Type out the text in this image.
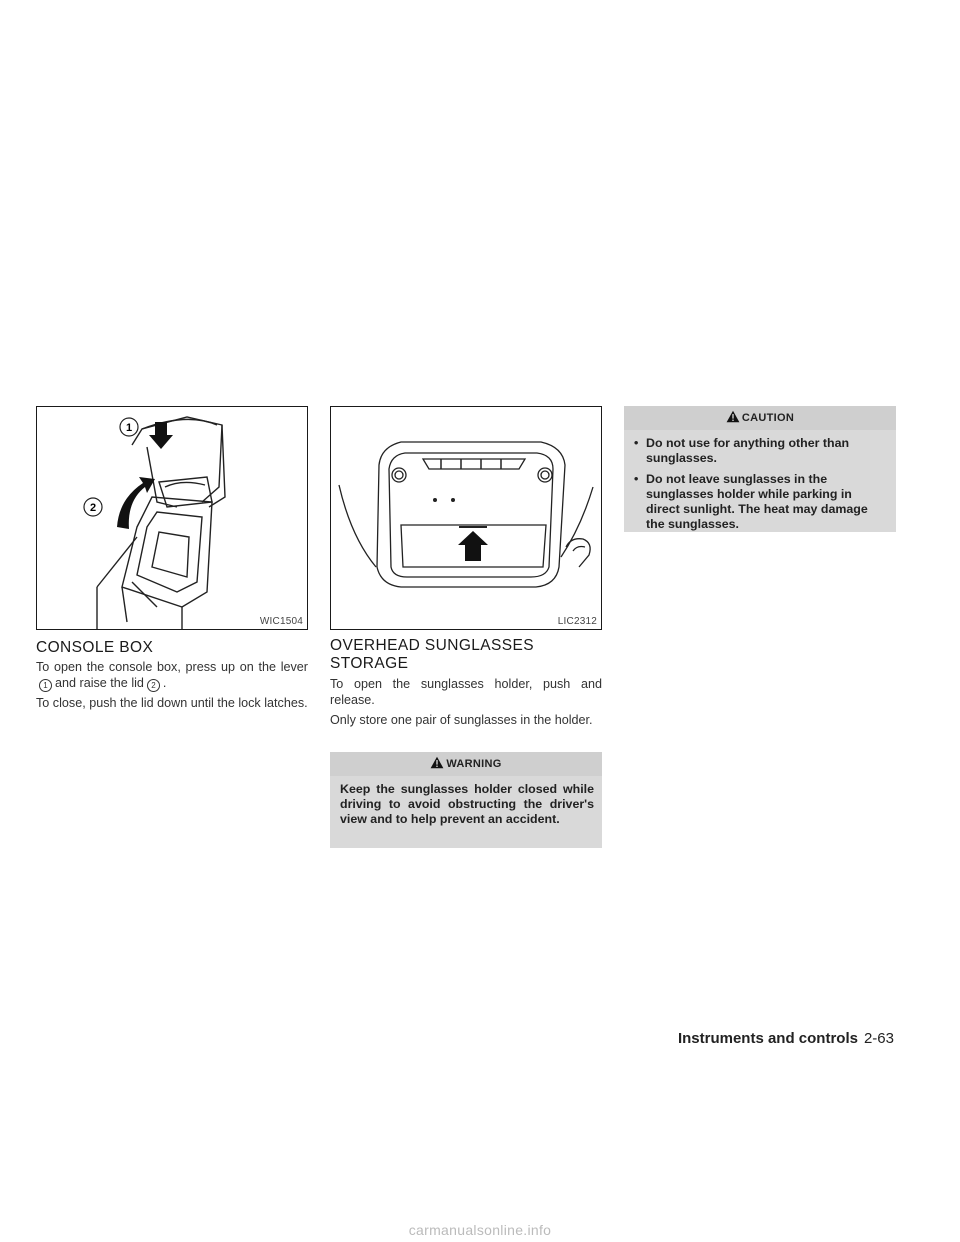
1
2
WIC1504
CONSOLE BOX

To open the console box, press up on the lever1 and raise the lid 2 .

To close, push the lid down until the lock latches.

LIC2312
OVERHEAD SUNGLASSES
STORAGE

To open the sunglasses holder, push and release.

Only store one pair of sunglasses in the holder.

WARNING

Keep the sunglasses holder closed while driving to avoid obstructing the driver's view and to help prevent an accident.

CAUTION
• Do not use for anything other than sunglasses.
• Do not leave sunglasses in the sunglasses holder while parking in direct sunlight. The heat may damage the sunglasses.
Instruments and controls 2-63
carmanualsonline.info
